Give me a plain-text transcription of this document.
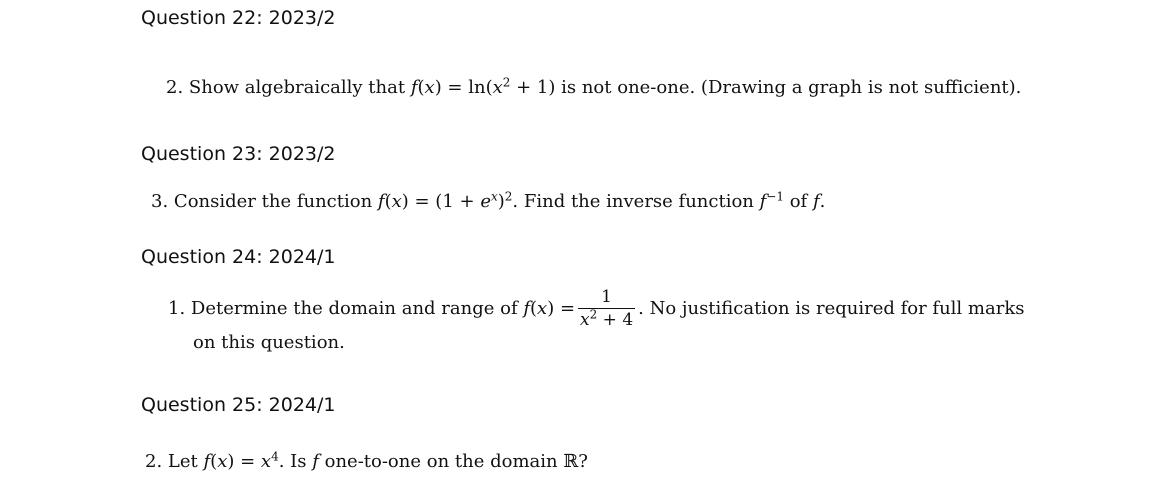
Question 22: 2023/2
2. Show algebraically that $f(x) = \ln(x^2 + 1)$ is not one-one. (Drawing a graph is not sufficient).
Question 23: 2023/2
3. Consider the function $f(x) = (1 + e^x)^2$. Find the inverse function $f^{-1}$ of f.
Question 24: 2024/1
1. Determine the domain and range of $f(x) = \frac{1}{x^2 + 4}$ . No justification is required for full marks
on this question.
Question 25: 2024/1
2. Let $f(x) = x^4$. Is f one-to-one on the domain ℝ?
